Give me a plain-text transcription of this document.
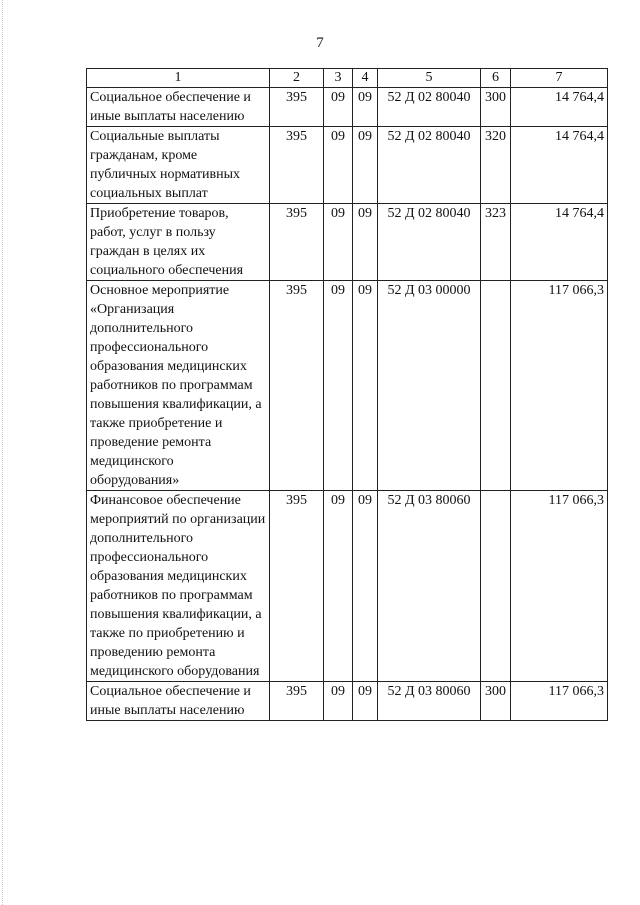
7
1	2	3	4	5	6	7
Социальное обеспечение и иные выплаты населению	395	09	09	52 Д 02 80040	300	14 764,4
Социальные выплаты гражданам, кроме публичных нормативных социальных выплат	395	09	09	52 Д 02 80040	320	14 764,4
Приобретение товаров, работ, услуг в пользу граждан в целях их социального обеспечения	395	09	09	52 Д 02 80040	323	14 764,4
Основное мероприятие «Организация дополнительного профессионального образования медицинских работников по программам повышения квалификации, а также приобретение и проведение ремонта медицинского оборудования»	395	09	09	52 Д 03 00000		117 066,3
Финансовое обеспечение мероприятий по организации дополнительного профессионального образования медицинских работников по программам повышения квалификации, а также по приобретению и проведению ремонта медицинского оборудования	395	09	09	52 Д 03 80060		117 066,3
Социальное обеспечение и иные выплаты населению	395	09	09	52 Д 03 80060	300	117 066,3
